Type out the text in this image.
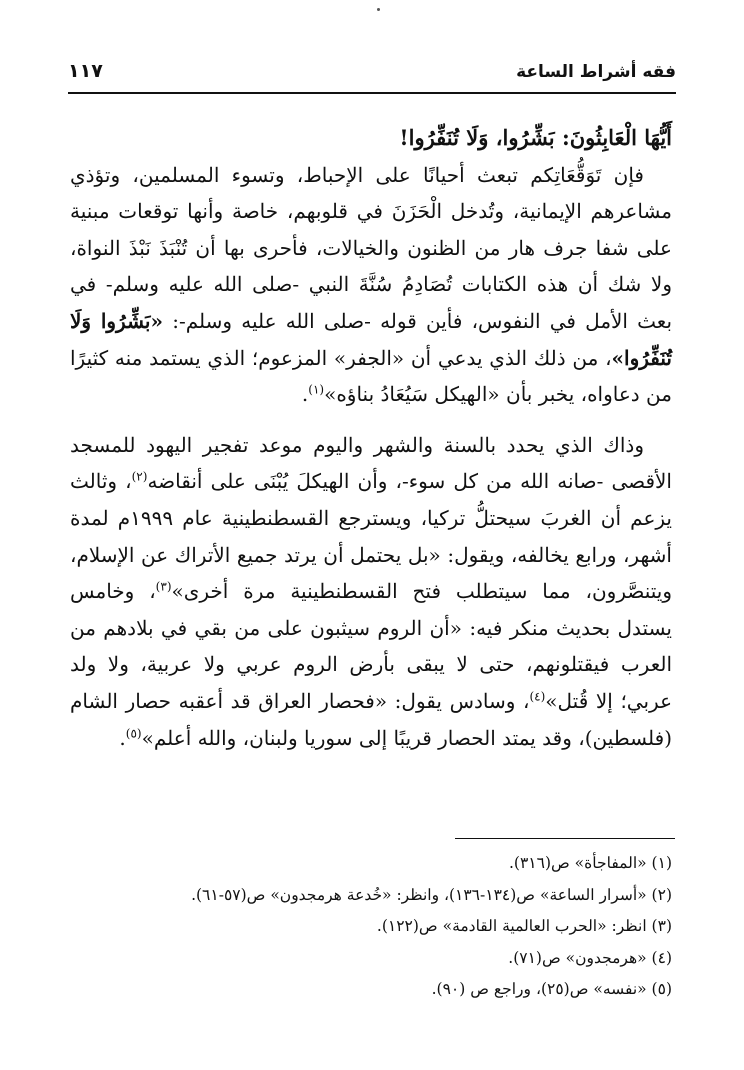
فقه أشراط الساعة
١١٧

أَيُّهَا الْعَابِثُونَ: بَشِّرُوا، وَلَا تُنَفِّرُوا!

فإن تَوَقُّعَاتِكم تبعث أحيانًا على الإحباط، وتسوء المسلمين، وتؤذي مشاعرهم الإيمانية، وتُدخل الْحَزَنَ في قلوبهم، خاصة وأنها توقعات مبنية على شفا جرف هار من الظنون والخيالات، فأحرى بها أن تُنْبَذَ نَبْذَ النواة، ولا شك أن هذه الكتابات تُصَادِمُ سُنَّةَ النبي -صلى الله عليه وسلم- في بعث الأمل في النفوس، فأين قوله -صلى الله عليه وسلم-: «بَشِّرُوا وَلَا تُنَفِّرُوا»، من ذلك الذي يدعي أن «الجفر» المزعوم؛ الذي يستمد منه كثيرًا من دعاواه، يخبر بأن «الهيكل سَيُعَادُ بناؤه»$^{(١)}$.

وذاك الذي يحدد بالسنة والشهر واليوم موعد تفجير اليهود للمسجد الأقصى -صانه الله من كل سوء-، وأن الهيكلَ يُبْنَى على أنقاضه$^{(٢)}$، وثالث يزعم أن الغربَ سيحتلُّ تركيا، ويسترجع القسطنطينية عام ١٩٩٩م لمدة أشهر، ورابع يخالفه، ويقول: «بل يحتمل أن يرتد جميع الأتراك عن الإسلام، ويتنصَّرون، مما سيتطلب فتح القسطنطينية مرة أخرى»$^{(٣)}$، وخامس يستدل بحديث منكر فيه: «أن الروم سيثبون على من بقي في بلادهم من العرب فيقتلونهم، حتى لا يبقى بأرض الروم عربي ولا عربية، ولا ولد عربي؛ إلا قُتل»$^{(٤)}$، وسادس يقول: «فحصار العراق قد أعقبه حصار الشام (فلسطين)، وقد يمتد الحصار قريبًا إلى سوريا ولبنان، والله أعلم»$^{(٥)}$.

(١) «المفاجأة» ص(٣١٦).

(٢) «أسرار الساعة» ص(١٣٤-١٣٦)، وانظر: «خُدعة هرمجدون» ص(٥٧-٦١).

(٣) انظر: «الحرب العالمية القادمة» ص(١٢٢).

(٤) «هرمجدون» ص(٧١).

(٥) «نفسه» ص(٢٥)، وراجع ص (٩٠).
